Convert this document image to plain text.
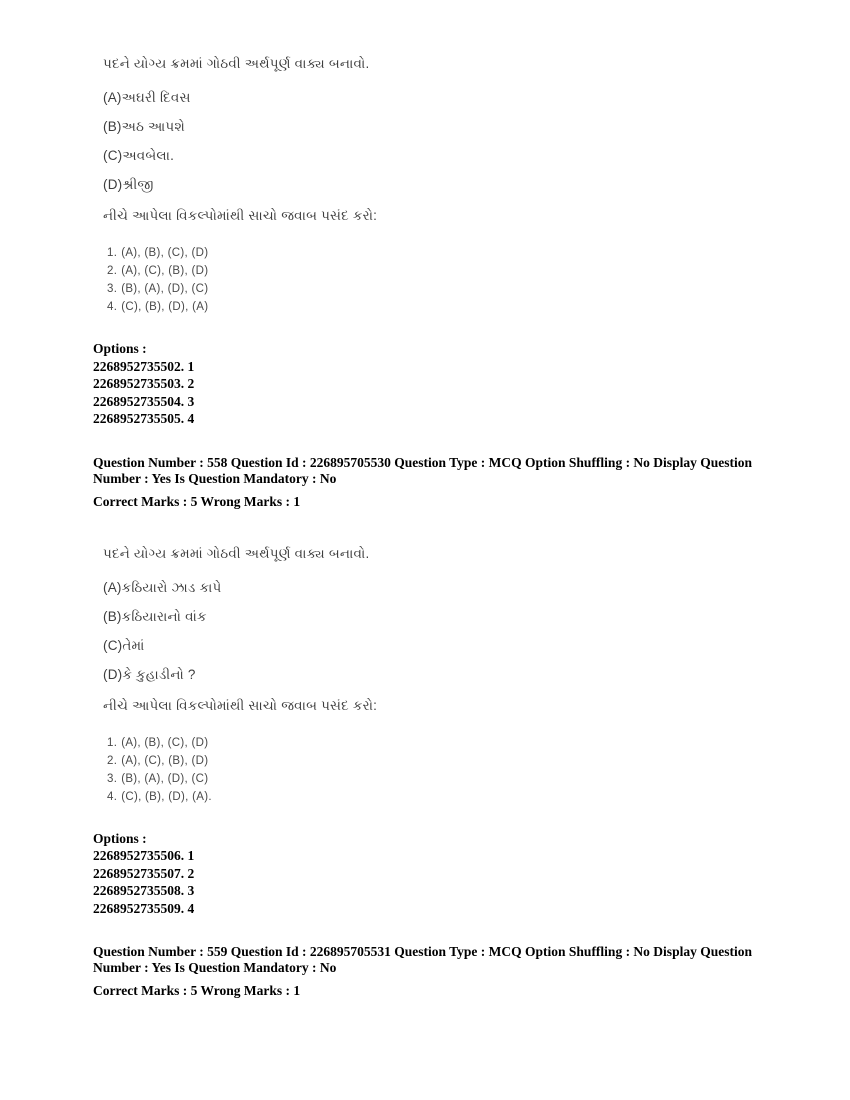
પદને યોગ્ય ક્રમમાં ગોઠવી અર્થપૂર્ણ વાક્ય બનાવો.
(A)અઘરી દિવસ
(B)અઠ આપશે
(C)અવબેલા.
(D)શ્રીજી
નીચે આપેલા વિકલ્પોમાંથી સાચો જવાબ પસંદ કરો:
1. (A), (B), (C), (D)
2. (A), (C), (B), (D)
3. (B), (A), (D), (C)
4. (C), (B), (D), (A)
Options :
2268952735502. 1
2268952735503. 2
2268952735504. 3
2268952735505. 4
Question Number : 558 Question Id : 226895705530 Question Type : MCQ Option Shuffling : No Display Question Number : Yes Is Question Mandatory : No
Correct Marks : 5 Wrong Marks : 1
પદને યોગ્ય ક્રમમાં ગોઠવી અર્થપૂર્ણ વાક્ય બનાવો.
(A)કઠિયારો ઝાડ કાપે
(B)કઠિયારાનો વાંક
(C)તેમાં
(D)કે કુહાડીનો ?
નીચે આપેલા વિકલ્પોમાંથી સાચો જવાબ પસંદ કરો:
1. (A), (B), (C), (D)
2. (A), (C), (B), (D)
3. (B), (A), (D), (C)
4. (C), (B), (D), (A).
Options :
2268952735506. 1
2268952735507. 2
2268952735508. 3
2268952735509. 4
Question Number : 559 Question Id : 226895705531 Question Type : MCQ Option Shuffling : No Display Question Number : Yes Is Question Mandatory : No
Correct Marks : 5 Wrong Marks : 1
